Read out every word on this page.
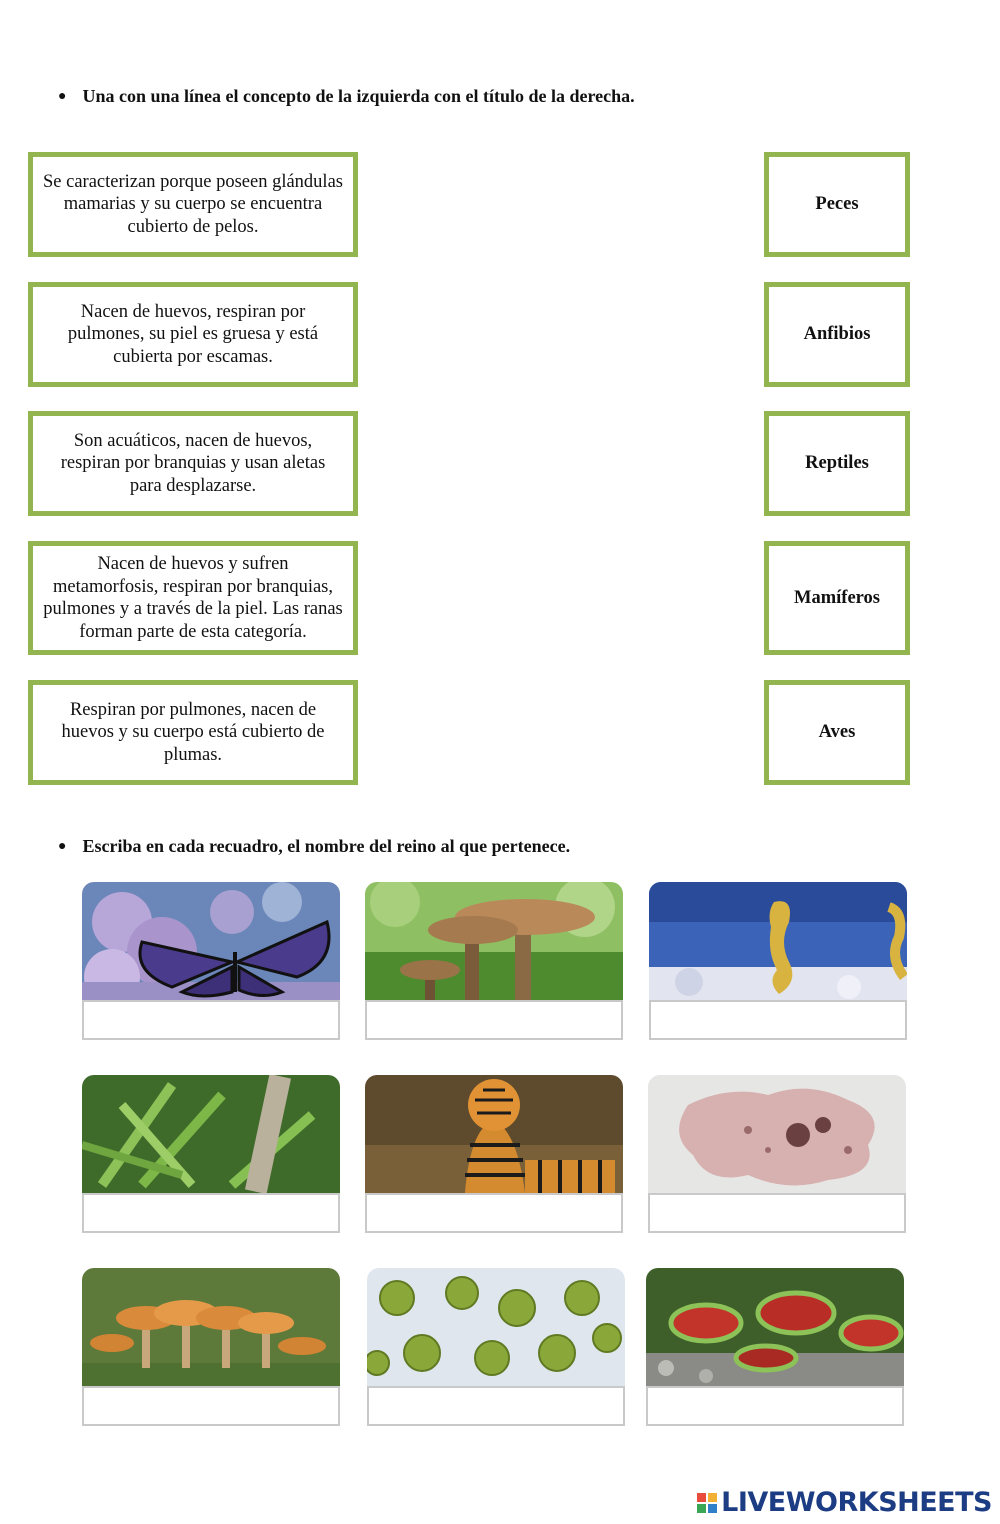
● Una con una línea el concepto de la izquierda con el título de la derecha.
Se caracterizan porque poseen glándulas mamarias y su cuerpo se encuentra cubierto de pelos.
Nacen de huevos, respiran por pulmones, su piel es gruesa y está cubierta por escamas.
Son acuáticos, nacen de huevos, respiran por branquias y usan aletas para desplazarse.
Nacen de huevos y sufren metamorfosis, respiran por branquias, pulmones y a través de la piel. Las ranas forman parte de esta categoría.
Respiran por pulmones, nacen de huevos y su cuerpo está cubierto de plumas.
Peces
Anfibios
Reptiles
Mamíferos
Aves
● Escriba en cada recuadro, el nombre del reino al que pertenece.
LIVEWORKSHEETS
